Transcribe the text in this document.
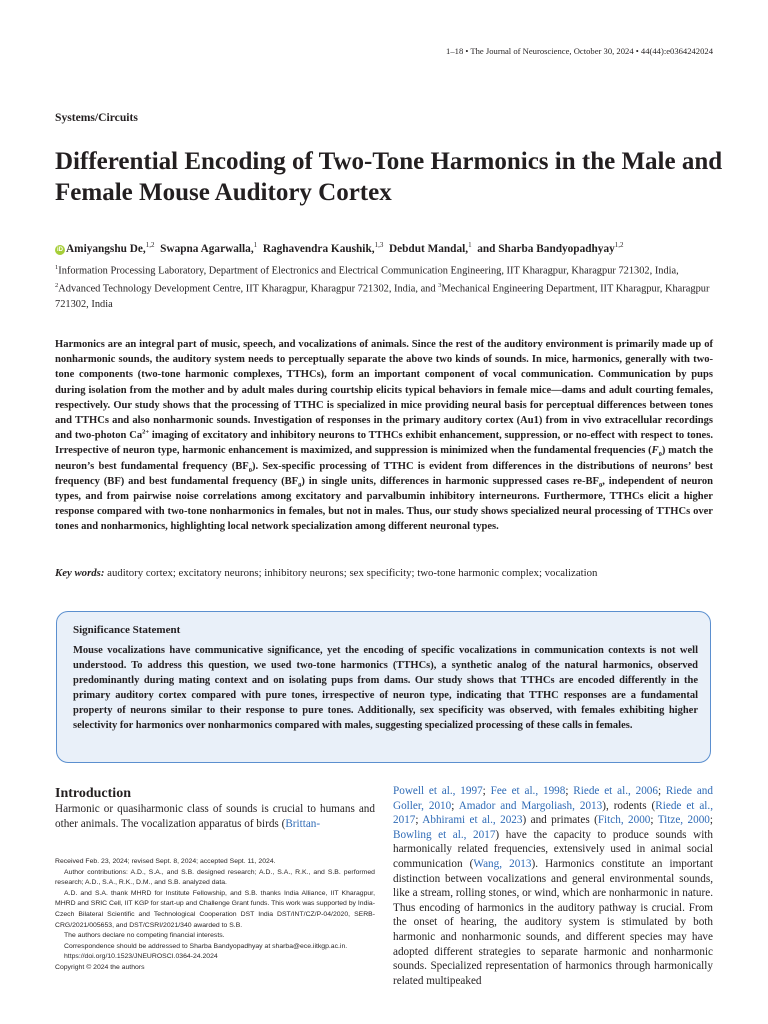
1–18 • The Journal of Neuroscience, October 30, 2024 • 44(44):e0364242024
Systems/Circuits
Differential Encoding of Two-Tone Harmonics in the Male and Female Mouse Auditory Cortex
iD Amiyangshu De,$^{1,2}$ Swapna Agarwalla,$^1$ Raghavendra Kaushik,$^{1,3}$ Debdut Mandal,$^1$ and Sharba Bandyopadhyay$^{1,2}$
$^1$Information Processing Laboratory, Department of Electronics and Electrical Communication Engineering, IIT Kharagpur, Kharagpur 721302, India, $^2$Advanced Technology Development Centre, IIT Kharagpur, Kharagpur 721302, India, and $^3$Mechanical Engineering Department, IIT Kharagpur, Kharagpur 721302, India

Harmonics are an integral part of music, speech, and vocalizations of animals. Since the rest of the auditory environment is primarily made up of nonharmonic sounds, the auditory system needs to perceptually separate the above two kinds of sounds. In mice, harmonics, generally with two-tone components (two-tone harmonic complexes, TTHCs), form an important component of vocal communication. Communication by pups during isolation from the mother and by adult males during courtship elicits typical behaviors in female mice—dams and adult courting females, respectively. Our study shows that the processing of TTHC is specialized in mice providing neural basis for perceptual differences between tones and TTHCs and also nonharmonic sounds. Investigation of responses in the primary auditory cortex (Au1) from in vivo extracellular recordings and two-photon $Ca^{2+}$ imaging of excitatory and inhibitory neurons to TTHCs exhibit enhancement, suppression, or no-effect with respect to tones. Irrespective of neuron type, harmonic enhancement is maximized, and suppression is minimized when the fundamental frequencies $(F_0)$ match the neuron’s best fundamental frequency $(BF_0)$. Sex-specific processing of TTHC is evident from differences in the distributions of neurons’ best frequency (BF) and best fundamental frequency $(BF_0)$ in single units, differences in harmonic suppressed cases $re-BF_0$, independent of neuron types, and from pairwise noise correlations among excitatory and parvalbumin inhibitory interneurons. Furthermore, TTHCs elicit a higher response compared with two-tone nonharmonics in females, but not in males. Thus, our study shows specialized neural processing of TTHCs over tones and nonharmonics, highlighting local network specialization among different neuronal types.

Key words: auditory cortex; excitatory neurons; inhibitory neurons; sex specificity; two-tone harmonic complex; vocalization
Significance Statement

Mouse vocalizations have communicative significance, yet the encoding of specific vocalizations in communication contexts is not well understood. To address this question, we used two-tone harmonics (TTHCs), a synthetic analog of the natural harmonics, observed predominantly during mating context and on isolating pups from dams. Our study shows that TTHCs are encoded differently in the primary auditory cortex compared with pure tones, irrespective of neuron type, indicating that TTHC responses are a fundamental property of neurons similar to their response to pure tones. Additionally, sex specificity was observed, with females exhibiting higher selectivity for harmonics over nonharmonics compared with males, suggesting specialized processing of these calls in females.

Introduction

Harmonic or quasiharmonic class of sounds is crucial to humans and other animals. The vocalization apparatus of birds (Brittan-

Received Feb. 23, 2024; revised Sept. 8, 2024; accepted Sept. 11, 2024.

Author contributions: A.D., S.A., and S.B. designed research; A.D., S.A., R.K., and S.B. performed research; A.D., S.A., R.K., D.M., and S.B. analyzed data.

A.D. and S.A. thank MHRD for Institute Fellowship, and S.B. thanks India Alliance, IIT Kharagpur, MHRD and SRIC Cell, IIT KGP for start-up and Challenge Grant funds. This work was supported by India-Czech Bilateral Scientific and Technological Cooperation DST India DST/INT/CZ/P-04/2020, SERB-CRG/2021/005653, and DST/CSRI/2021/340 awarded to S.B.

The authors declare no competing financial interests.

Correspondence should be addressed to Sharba Bandyopadhyay at sharba@ece.iitkgp.ac.in.

https://doi.org/10.1523/JNEUROSCI.0364-24.2024

Copyright © 2024 the authors

Powell et al., 1997; Fee et al., 1998; Riede et al., 2006; Riede and Goller, 2010; Amador and Margoliash, 2013), rodents (Riede et al., 2017; Abhirami et al., 2023) and primates (Fitch, 2000; Titze, 2000; Bowling et al., 2017) have the capacity to produce sounds with harmonically related frequencies, extensively used in animal social communication (Wang, 2013). Harmonics constitute an important distinction between vocalizations and general environmental sounds, like a stream, rolling stones, or wind, which are nonharmonic in nature. Thus encoding of harmonics in the auditory pathway is crucial. From the onset of hearing, the auditory system is stimulated by both harmonic and nonharmonic sounds, and different species may have adopted different strategies to separate harmonic and nonharmonic sounds. Specialized representation of harmonics through harmonically related multipeaked
